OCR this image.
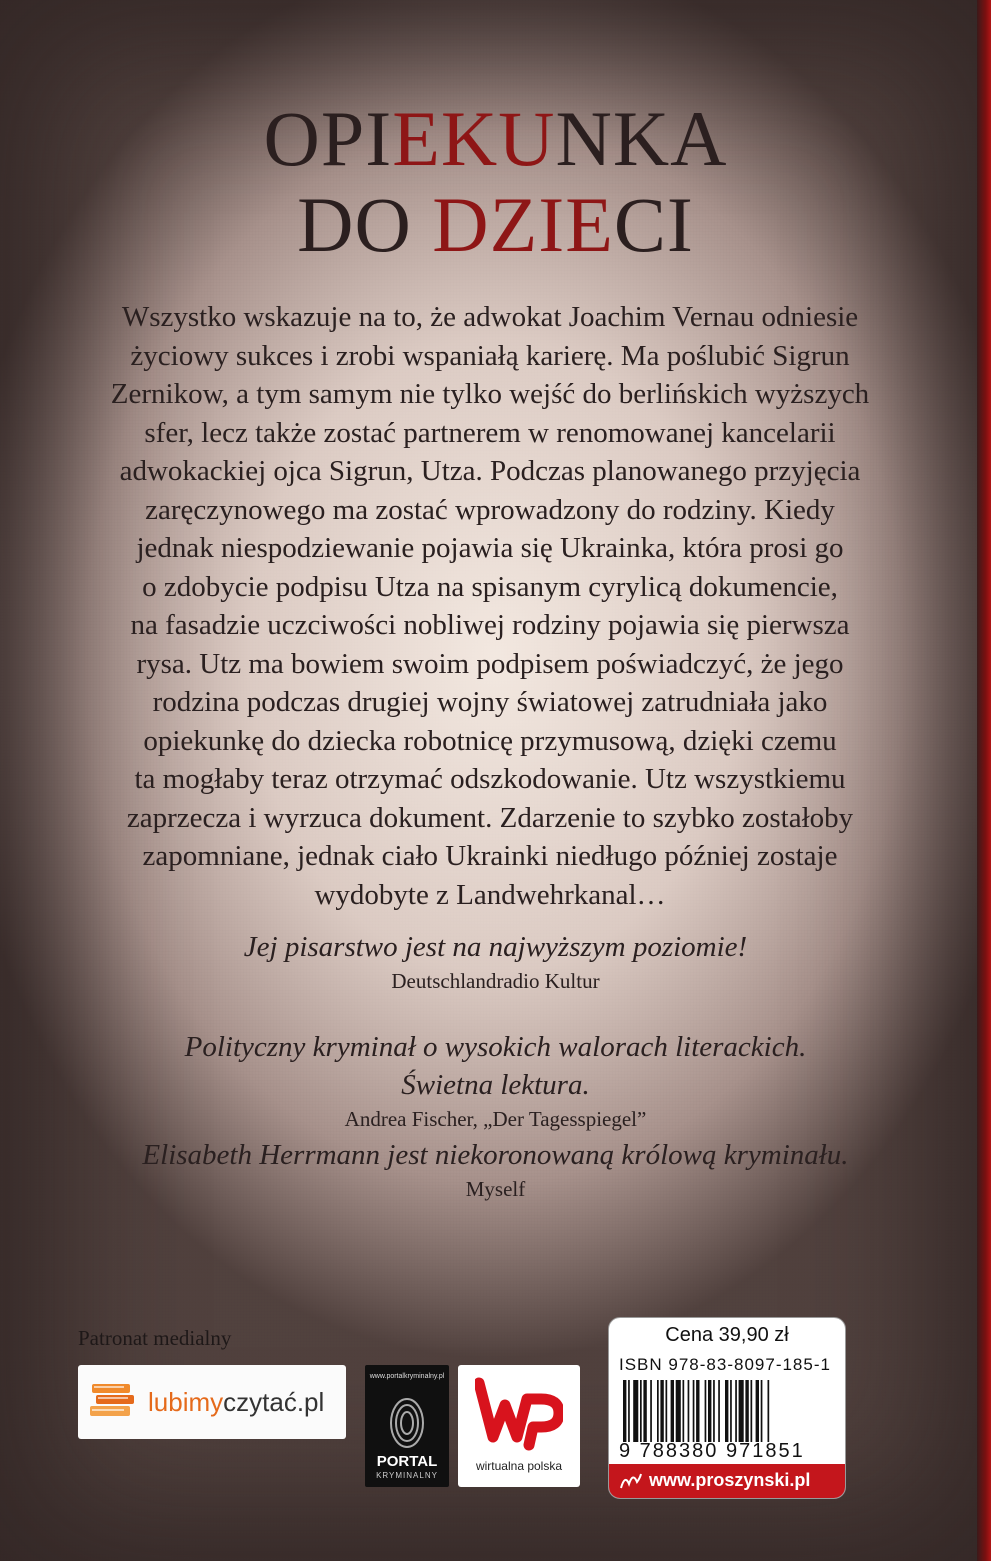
OPIEKUNKA
DO DZIECI
Wszystko wskazuje na to, że adwokat Joachim Vernau odniesie
życiowy sukces i zrobi wspaniałą karierę. Ma poślubić Sigrun
Zernikow, a tym samym nie tylko wejść do berlińskich wyższych
sfer, lecz także zostać partnerem w renomowanej kancelarii
adwokackiej ojca Sigrun, Utza. Podczas planowanego przyjęcia
zaręczynowego ma zostać wprowadzony do rodziny. Kiedy
jednak niespodziewanie pojawia się Ukrainka, która prosi go
o zdobycie podpisu Utza na spisanym cyrylicą dokumencie,
na fasadzie uczciwości nobliwej rodziny pojawia się pierwsza
rysa. Utz ma bowiem swoim podpisem poświadczyć, że jego
rodzina podczas drugiej wojny światowej zatrudniała jako
opiekunkę do dziecka robotnicę przymusową, dzięki czemu
ta mogłaby teraz otrzymać odszkodowanie. Utz wszystkiemu
zaprzecza i wyrzuca dokument. Zdarzenie to szybko zostałoby
zapomniane, jednak ciało Ukrainki niedługo później zostaje
wydobyte z Landwehrkanal…
Jej pisarstwo jest na najwyższym poziomie!
Deutschlandradio Kultur
Polityczny kryminał o wysokich walorach literackich.
Świetna lektura.
Andrea Fischer, „Der Tagesspiegel”
Elisabeth Herrmann jest niekoronowaną królową kryminału.
Myself
Patronat medialny
lubimyczytać.pl
www.portalkryminalny.pl
PORTAL
KRYMINALNY
wirtualna polska
Cena 39,90 zł
ISBN 978-83-8097-185-1
9 788380 971851
www.proszynski.pl
